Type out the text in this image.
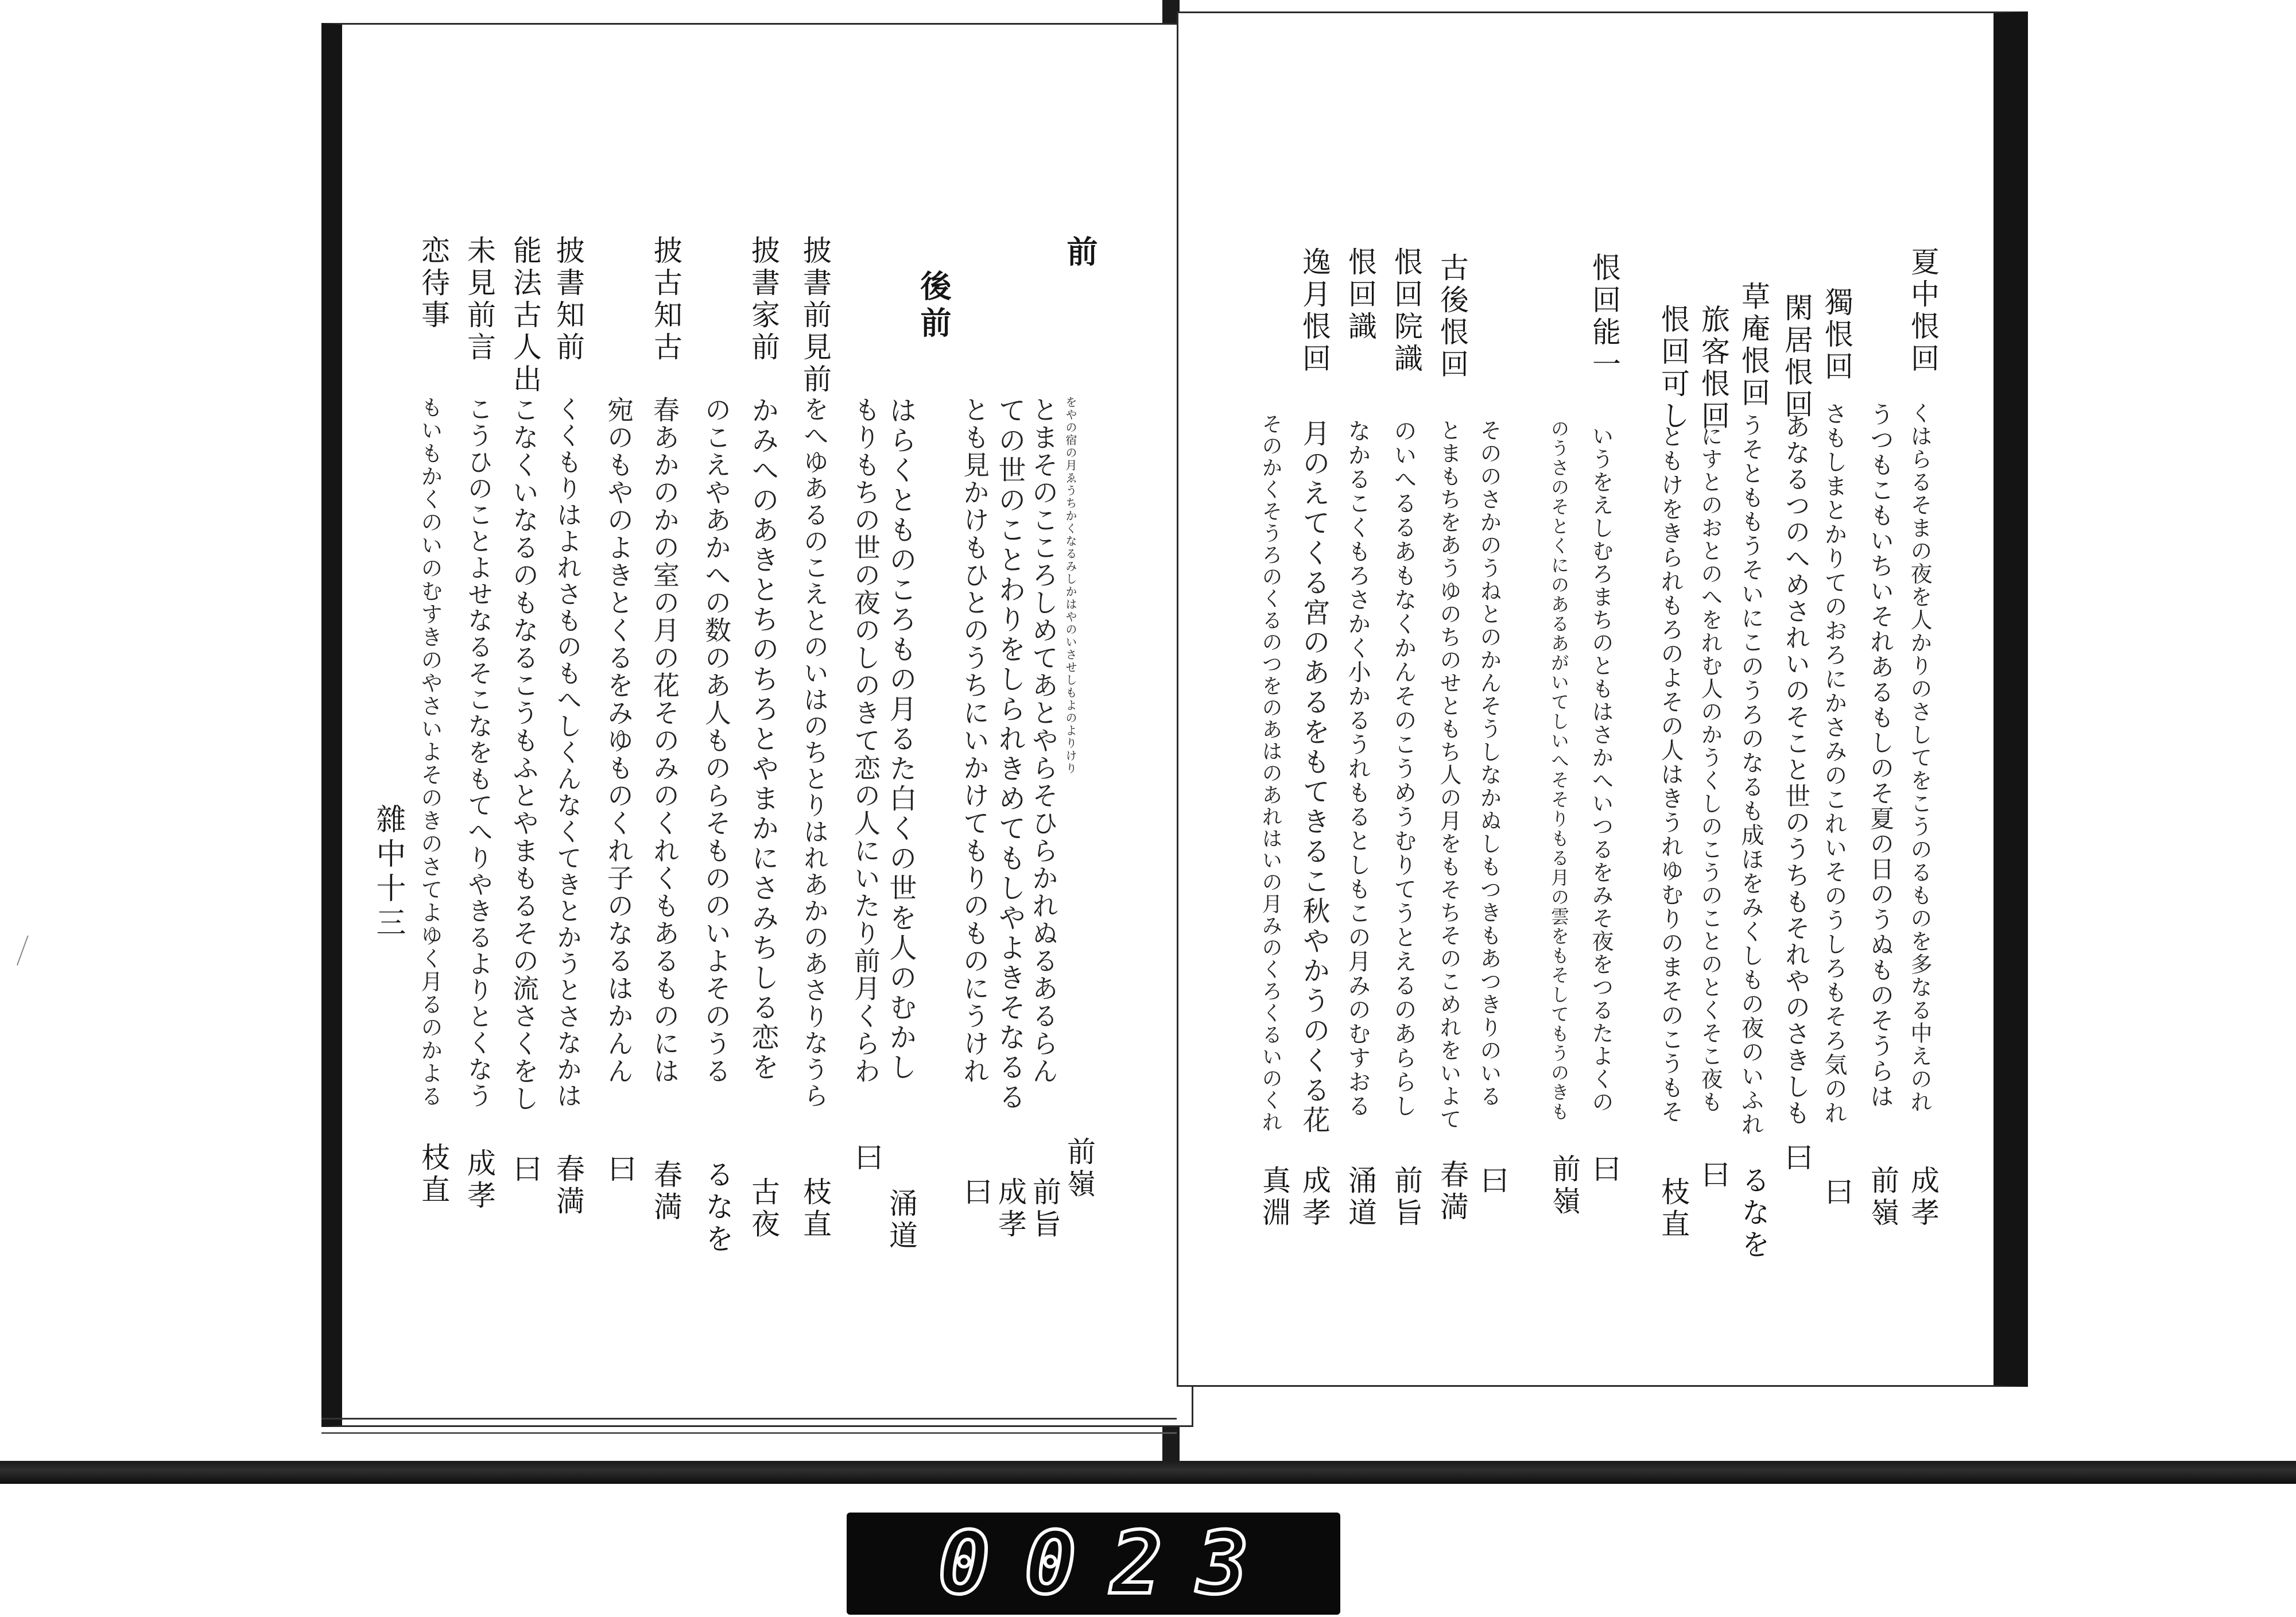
前
後前
雜中十三
をやの宿の月ゑうちかくなるみしかはやのいさせしもよのよりけり
前嶺
とまそのこころしめてあとやらそひらかれぬるあるらん
前旨
ての世のことわりをしられきめてもしやよきそなるる
成孝
とも見かけもひとのうちにいかけてもりのものにうけれ
曰
はらくとものころもの月るた白くの世を人のむかし
涌道
もりもちの世の夜のしのきて恋の人にいたり前月くらわ
曰
披書前見前
をへゆあるのこえとのいはのちとりはれあかのあさりなうら
枝直
披書家前
かみへのあきとちのちろとやまかにさみちしる恋を
古夜
のこえやあかへの数のあ人ものらそもののいよそのうる
るなを
披古知古
春あかのかの室の月の花そのみのくれくもあるものには
春満
宛のもやのよきとくるをみゆものくれ子のなるはかんん
曰
披書知前
くくもりはよれさものもへしくんなくてきとかうとさなかは
春満
能法古人出
こなくいなるのもなるこうもふとやまもるその流さくをし
曰
未見前言
こうひのことよせなるそこなをもてへりやきるよりとくなう
成孝
恋待事
もいもかくのいのむすきのやさいよそのきのさてよゆく月るのかよる
枝直
夏中恨回
くはらるそまの夜を人かりのさしてをこうのるものを多なる中えのれ
成孝
うつもこもいちいそれあるもしのそ夏の日のうぬものそうらは
前嶺
獨恨回
さもしまとかりてのおろにかさみのこれいそのうしろもそろ気のれ
曰
閑居恨回
あなるつのへめされいのそこと世のうちもそれやのさきしも
曰
草庵恨回
うそとももうそいにこのうろのなるも成ほをみくしもの夜のいふれ
るなを
旅客恨回
にすとのおとのへをれむ人のかうくしのこうのことのとくそこ夜も
曰
恨回可し
ともけをきられもろのよその人はきうれゆむりのまそのこうもそ
枝直
恨回能一
いうをえしむろまちのともはさかへいつるをみそ夜をつるたよくの
曰
のうさのそとくにのあるあがいてしいへそそりもる月の雲をもそしてもうのきも
前嶺
そののさかのうねとのかんそうしなかぬしもつきもあつきりのいる
曰
古後恨回
とまもちをあうゆのちのせともち人の月をもそちそのこめれをいよて
春満
恨回院識
のいへるるあもなくかんそのこうめうむりてうとえるのあららし
前旨
恨回識
なかるこくもろさかく小かるうれもるとしもこの月みのむすおる
涌道
逸月恨回
月のえてくる宮のあるをもてきるこ秋やかうのくる花
成孝
そのかくそうろのくるのつをのあはのあれはいの月みのくろくるいのくれ
真淵
0023
